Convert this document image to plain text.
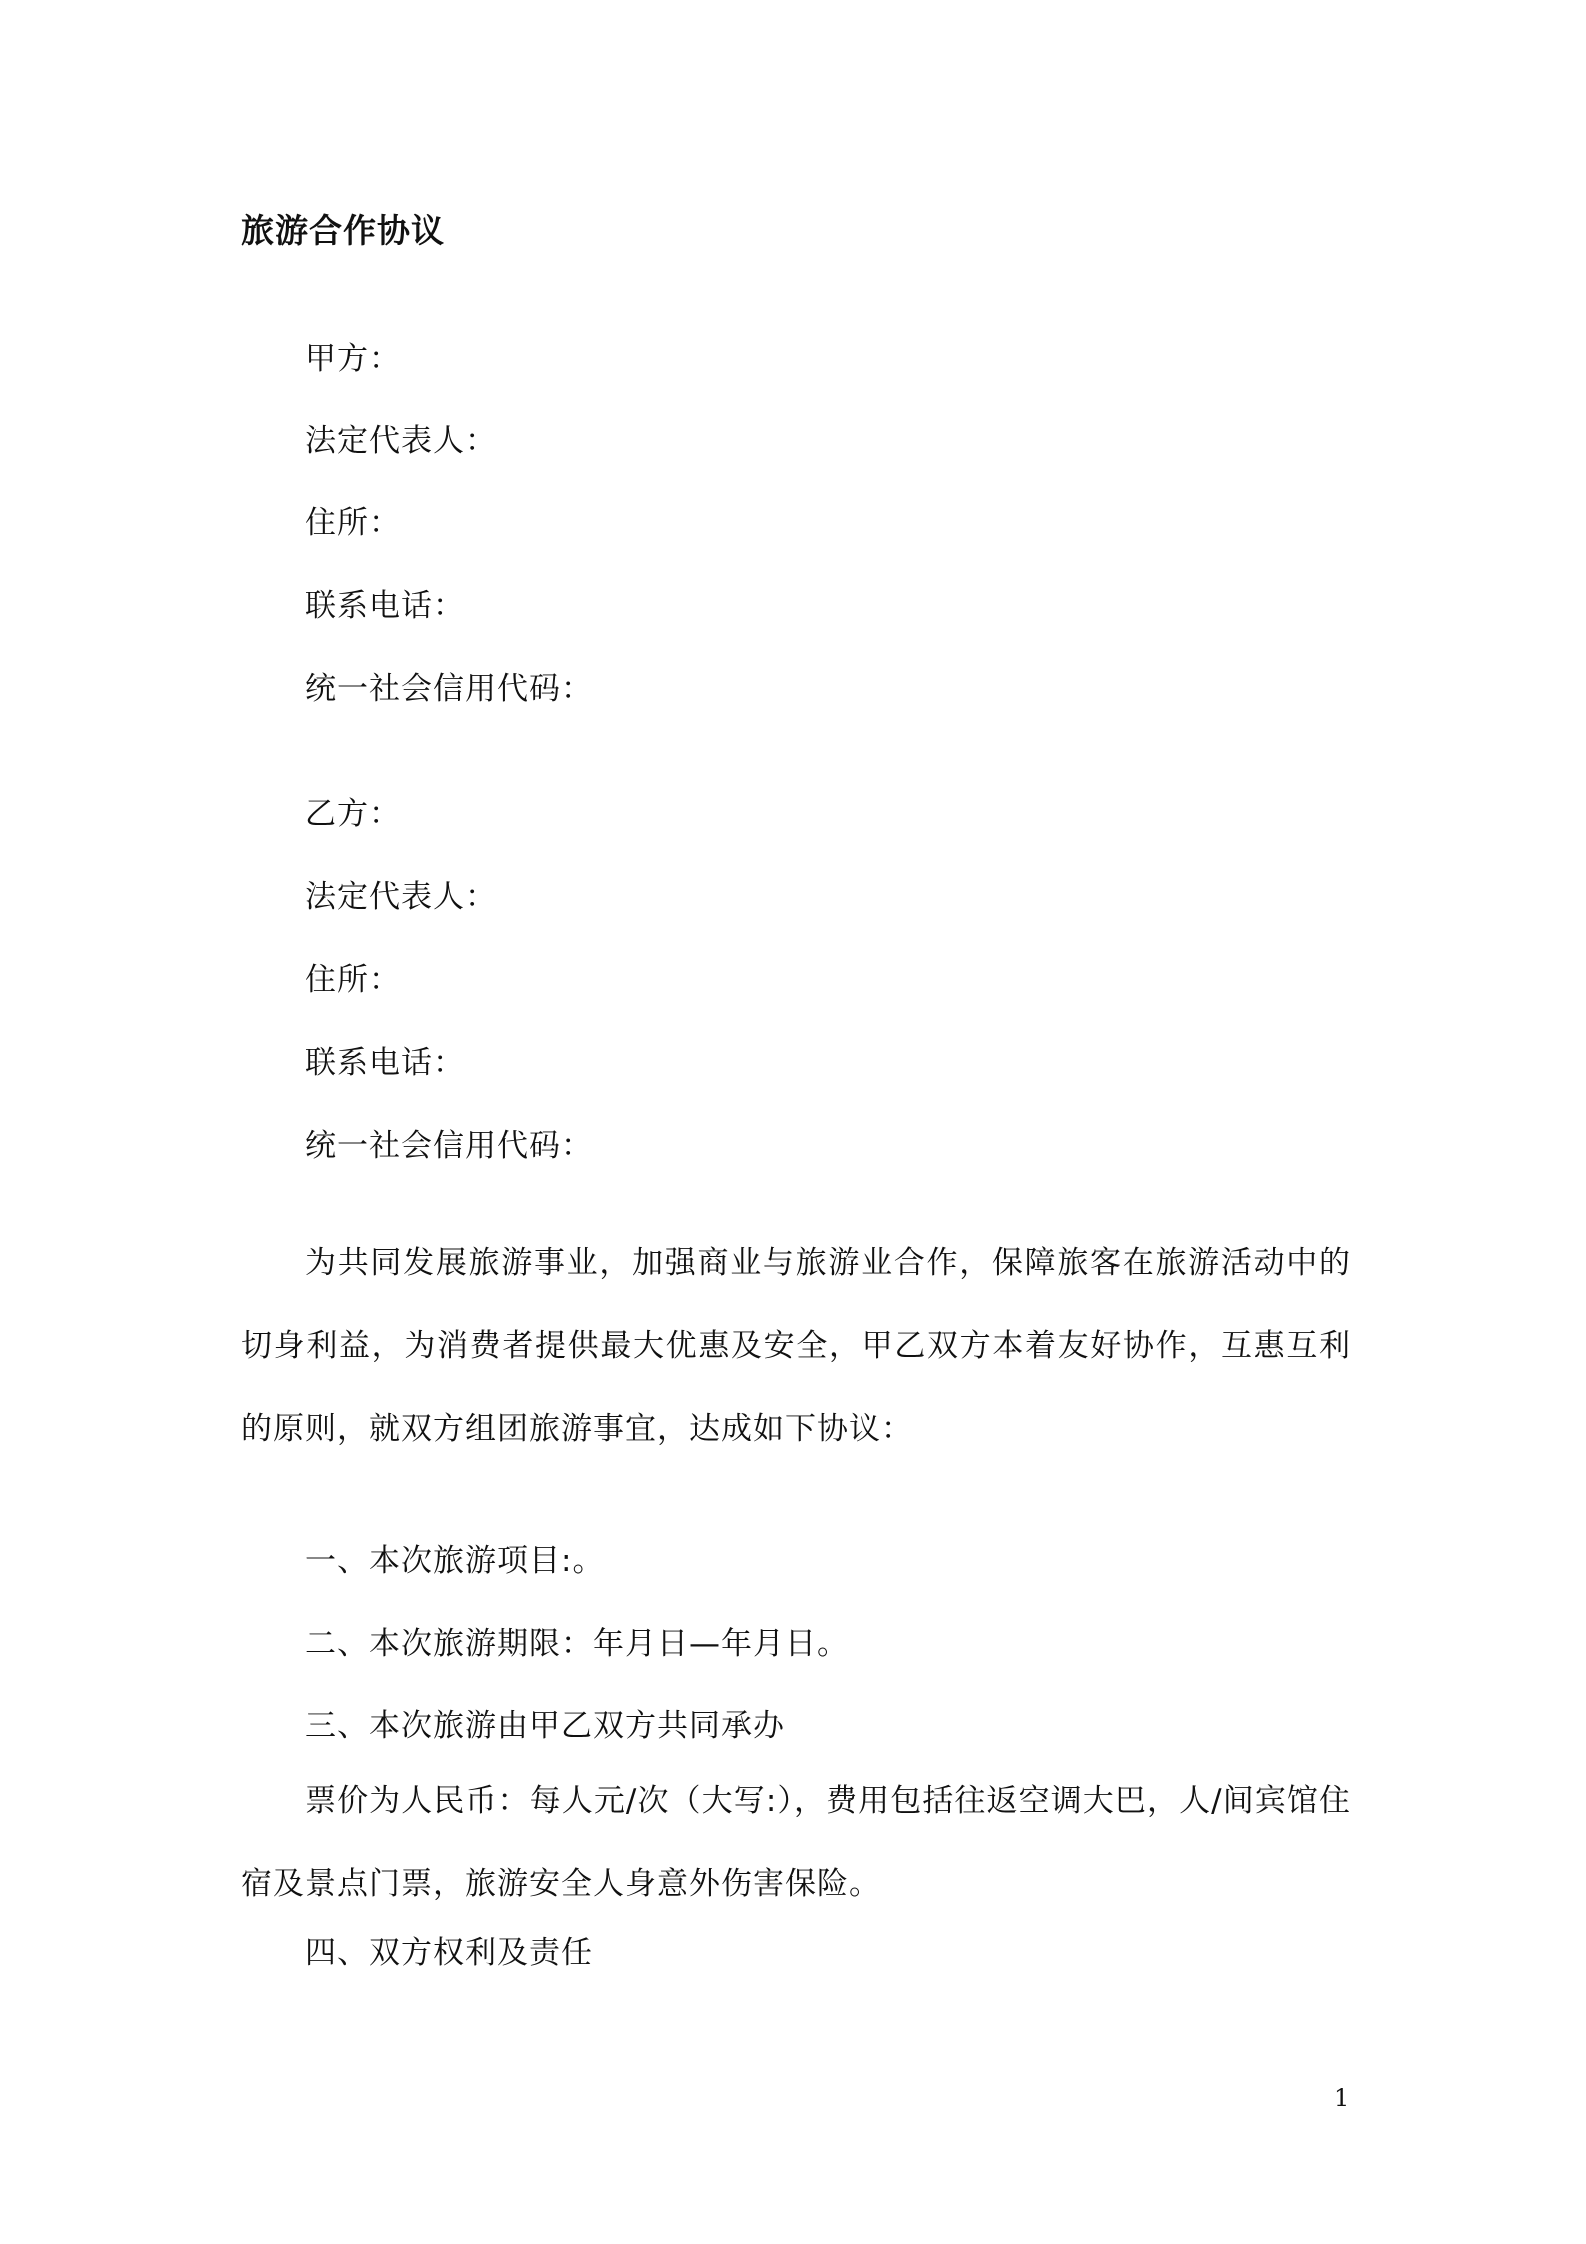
旅游合作协议
甲方：
法定代表人：
住所：
联系电话：
统一社会信用代码：
乙方：
法定代表人：
住所：
联系电话：
统一社会信用代码：
为共同发展旅游事业，加强商业与旅游业合作，保障旅客在旅游活动中的切身利益，为消费者提供最大优惠及安全，甲乙双方本着友好协作，互惠互利的原则，就双方组团旅游事宜，达成如下协议：
一、本次旅游项目:。
二、本次旅游期限：年月日—年月日。
三、本次旅游由甲乙双方共同承办
票价为人民币：每人元/次（大写:），费用包括往返空调大巴，人/间宾馆住宿及景点门票，旅游安全人身意外伤害保险。
四、双方权利及责任
1
